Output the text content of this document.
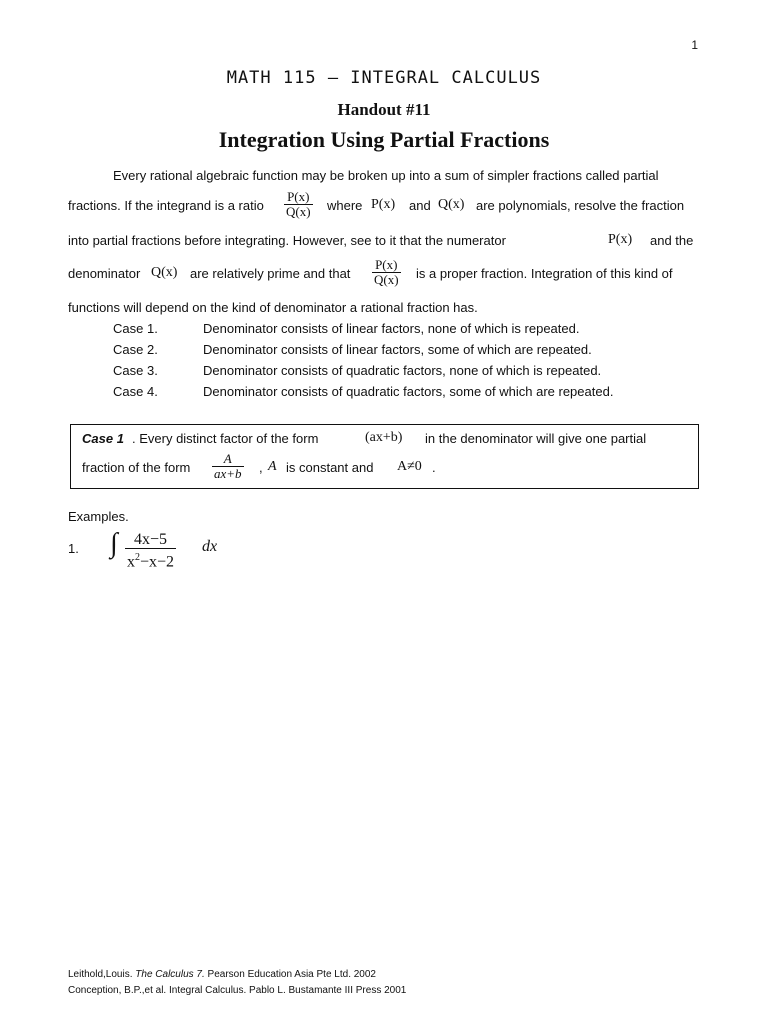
1
MATH 115 – INTEGRAL CALCULUS
Handout #11
Integration Using Partial Fractions
Every rational algebraic function may be broken up into a sum of simpler fractions called partial
fractions. If the integrand is a ratio $\frac{P(x)}{Q(x)}$ where P(x) and Q(x) are polynomials, resolve the fraction
into partial fractions before integrating. However, see to it that the numerator	P(x) and the
denominator Q(x) are relatively prime and that $\frac{P(x)}{Q(x)}$ is a proper fraction. Integration of this kind of
functions will depend on the kind of denominator a rational fraction has.
Case 1.	Denominator consists of linear factors, none of which is repeated.
Case 2.	Denominator consists of linear factors, some of which are repeated.
Case 3.	Denominator consists of quadratic factors, none of which is repeated.
Case 4.	Denominator consists of quadratic factors, some of which are repeated.
Case 1 . Every distinct factor of the form	(ax+b) in the denominator will give one partial
fraction of the form $\frac{A}{ax+b}$ , A is constant and A≠0 .
Examples.
1. ∫ $\frac{4x-5}{x^2-x-2}$ dx
Leithold,Louis. The Calculus 7. Pearson Education Asia Pte Ltd. 2002
Conception, B.P.,et al. Integral Calculus. Pablo L. Bustamante III Press 2001
